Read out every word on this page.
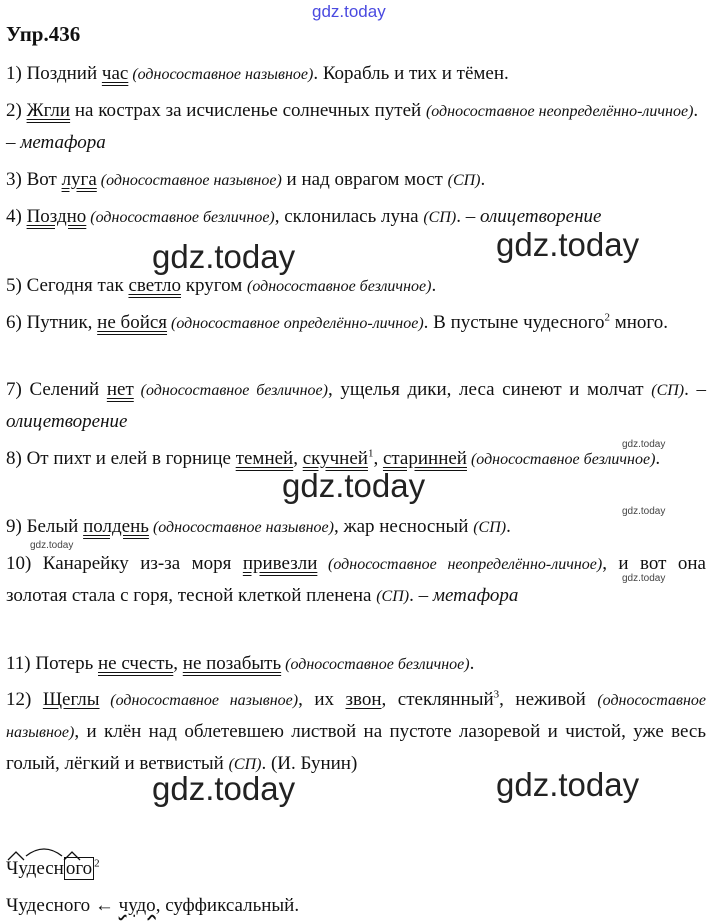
gdz.today
Упр.436
1) Поздний час (односоставное назывное). Корабль и тих и тёмен.
2) Жгли на кострах за исчисленье солнечных путей (односоставное неопределённо-личное). – метафора
3) Вот луга (односоставное назывное) и над оврагом мост (СП).
4) Поздно (односоставное безличное), склонилась луна (СП). – олицетворение
gdz.today	gdz.today
5) Сегодня так светло кругом (односоставное безличное).
6) Путник, не бойся (односоставное определённо-личное). В пустыне чудесного$^2$ много.
7) Селений нет (односоставное безличное), ущелья дики, леса синеют и молчат (СП). – олицетворение
gdz.today
8) От пихт и елей в горнице темней, скучней$^1$, старинней (односоставное безличное).
gdz.today
gdz.today
9) Белый полдень (односоставное назывное), жар несносный (СП).
gdz.today
10) Канарейку из-за моря привезли (односоставное неопределённо-личное), и вот она золотая стала с горя, тесной клеткой пленена (СП). – метафора
gdz.today
11) Потерь не счесть, не позабыть (односоставное безличное).
12) Щеглы (односоставное назывное), их звон, стеклянный$^3$, неживой (односоставное назывное), и клён над облетевшею листвой на пустоте лазоревой и чистой, уже весь голый, лёгкий и ветвистый (СП). (И. Бунин)
gdz.today	gdz.today
Чудесн ого $^2$
Чудесного ← чудо, суффиксальный.
